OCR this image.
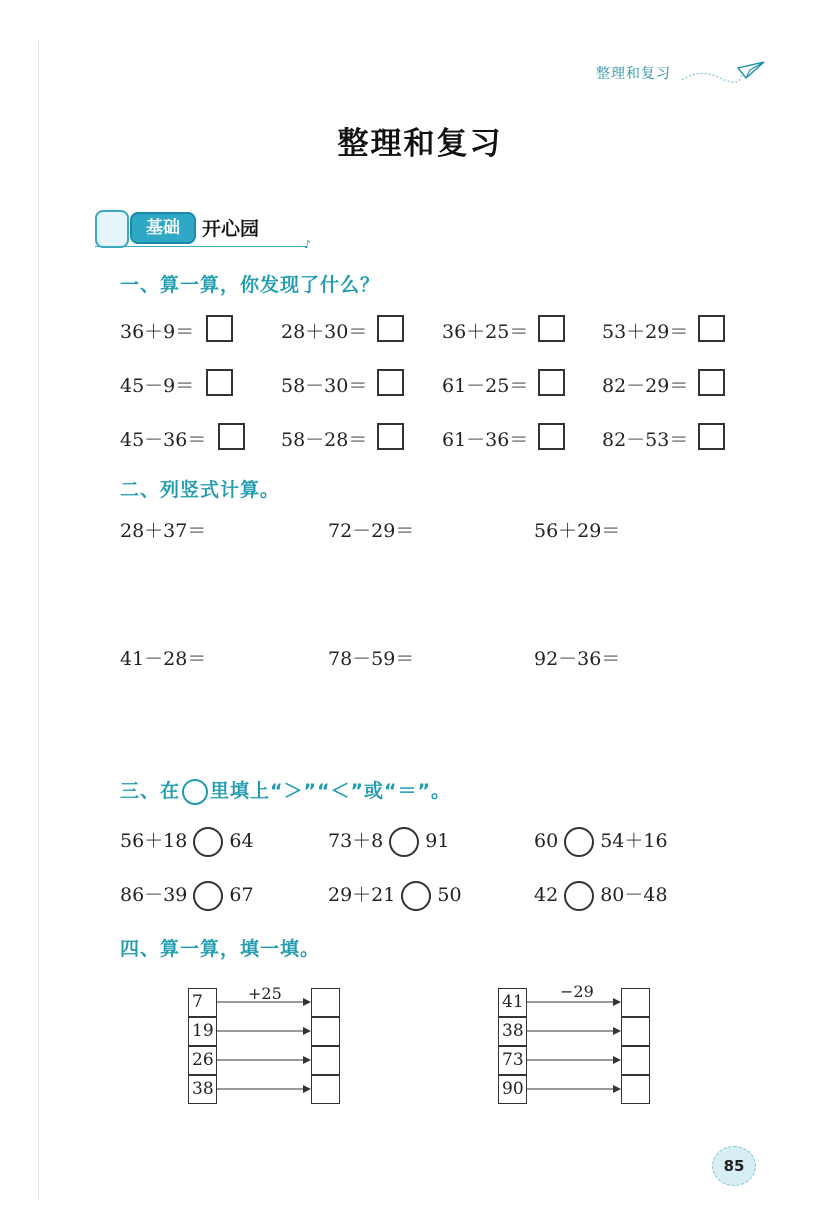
整理和复习
整理和复习
基础	开心园
♪
一、算一算，你发现了什么？
36＋9＝	28＋30＝	36＋25＝	53＋29＝
45－9＝	58－30＝	61－25＝	82－29＝
45－36＝	58－28＝	61－36＝	82－53＝
二、列竖式计算。
28＋37＝	72－29＝	56＋29＝
41－28＝	78－59＝	92－36＝
三、在 里填上“＞”“＜”或“＝”。
56＋18 64	73＋8 91	60 54＋16
86－39 67	29＋21 50	42 80－48
四、算一算，填一填。
+25
7
19
26
38
−29
41
38
73
90
85
